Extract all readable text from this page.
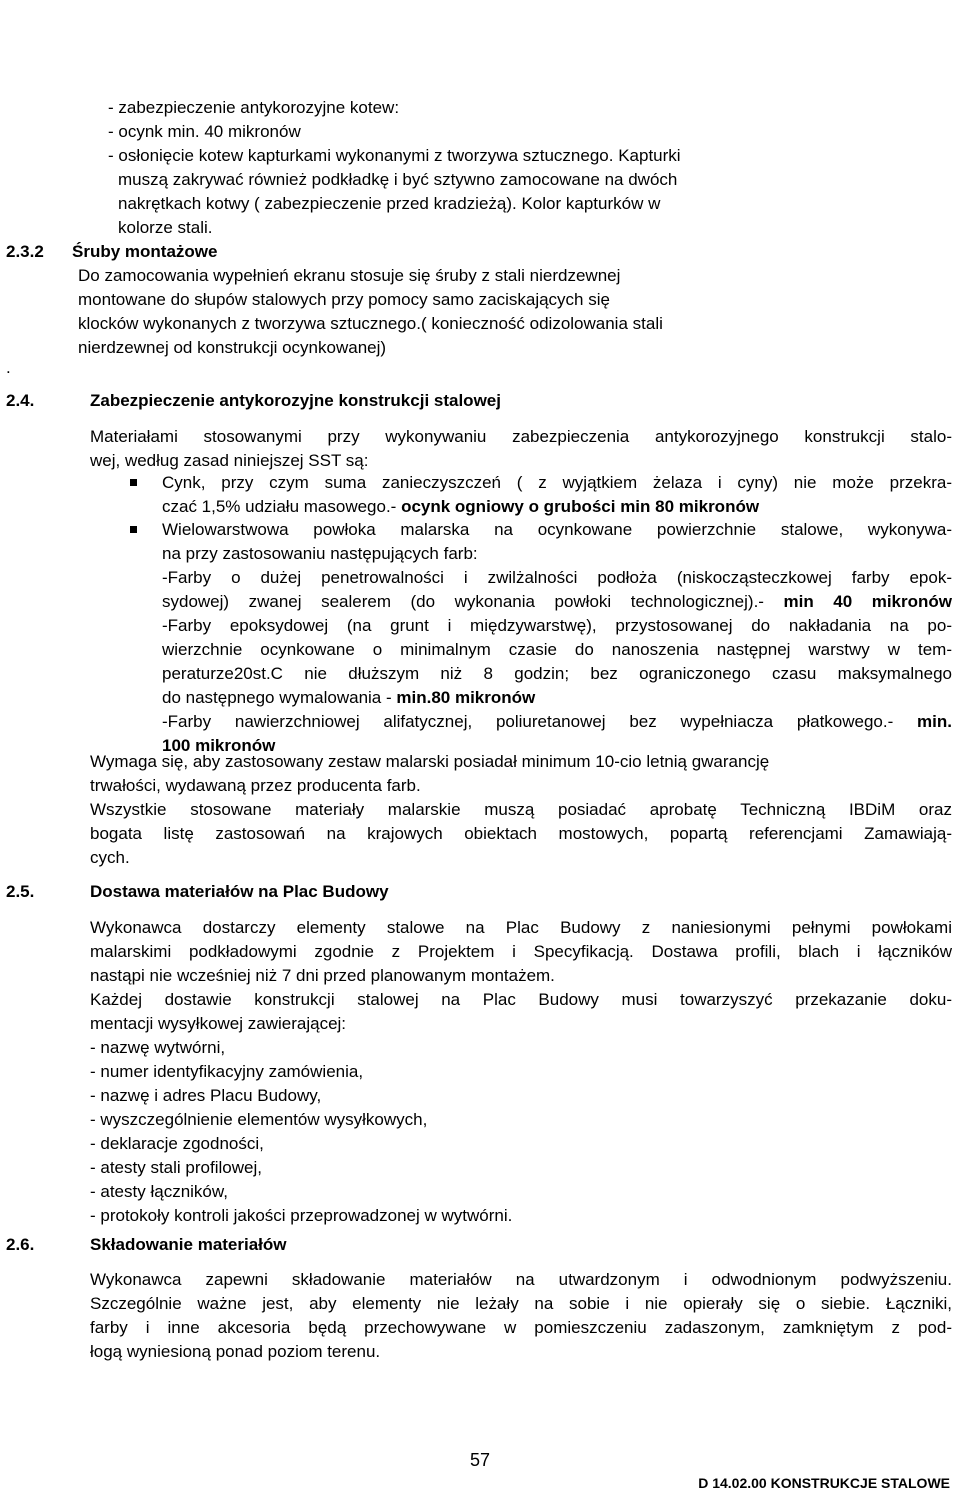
Budowa i rozbudowa drogi wojewódzkiej nr 645
Zadanie I: granica województwa podlaskiego – Gawrychy od km 25 + 320 do km 31 + 998
Specyfikacje Techniczne
- zabezpieczenie antykorozyjne kotew:
- ocynk min. 40 mikronów
- osłonięcie kotew kapturkami wykonanymi z tworzywa sztucznego. Kapturki
muszą zakrywać również podkładkę i być sztywno zamocowane na dwóch
nakrętkach kotwy ( zabezpieczenie przed kradzieżą). Kolor kapturków w
kolorze stali.
2.3.2 Śruby montażowe
Do zamocowania wypełnień ekranu stosuje się śruby z stali nierdzewnej
montowane do słupów stalowych przy pomocy samo zaciskających się
klocków wykonanych z tworzywa sztucznego.( konieczność odizolowania stali
nierdzewnej od konstrukcji ocynkowanej)
.
2.4.	Zabezpieczenie antykorozyjne konstrukcji stalowej
Materiałami stosowanymi przy wykonywaniu zabezpieczenia antykorozyjnego konstrukcji stalo-
wej, według zasad niniejszej SST są:
Cynk, przy czym suma zanieczyszczeń ( z wyjątkiem żelaza i cyny) nie może przekra-
czać 1,5% udziału masowego.- ocynk ogniowy o grubości min 80 mikronów
Wielowarstwowa powłoka malarska na ocynkowane powierzchnie stalowe, wykonywa-
na przy zastosowaniu następujących farb:
-Farby o dużej penetrowalności i zwilżalności podłoża (niskocząsteczkowej farby epok-
sydowej) zwanej sealerem (do wykonania powłoki technologicznej).- min 40 mikronów
-Farby epoksydowej (na grunt i międzywarstwę), przystosowanej do nakładania na po-
wierzchnie ocynkowane o minimalnym czasie do nanoszenia następnej warstwy w tem-
peraturze20st.C nie dłuższym niż 8 godzin; bez ograniczonego czasu maksymalnego
do następnego wymalowania - min.80 mikronów
-Farby nawierzchniowej alifatycznej, poliuretanowej bez wypełniacza płatkowego.- min.
100 mikronów
Wymaga się, aby zastosowany zestaw malarski posiadał minimum 10-cio letnią gwarancję
trwałości, wydawaną przez producenta farb.
Wszystkie stosowane materiały malarskie muszą posiadać aprobatę Techniczną IBDiM oraz
bogata listę zastosowań na krajowych obiektach mostowych, popartą referencjami Zamawiają-
cych.
2.5.	Dostawa materiałów na Plac Budowy
Wykonawca dostarczy elementy stalowe na Plac Budowy z naniesionymi pełnymi powłokami
malarskimi podkładowymi zgodnie z Projektem i Specyfikacją. Dostawa profili, blach i łączników
nastąpi nie wcześniej niż 7 dni przed planowanym montażem.
Każdej dostawie konstrukcji stalowej na Plac Budowy musi towarzyszyć przekazanie doku-
mentacji wysyłkowej zawierającej:
- nazwę wytwórni,
- numer identyfikacyjny zamówienia,
- nazwę i adres Placu Budowy,
- wyszczególnienie elementów wysyłkowych,
- deklaracje zgodności,
- atesty stali profilowej,
- atesty łączników,
- protokoły kontroli jakości przeprowadzonej w wytwórni.
2.6.	Składowanie materiałów
Wykonawca zapewni składowanie materiałów na utwardzonym i odwodnionym podwyższeniu.
Szczególnie ważne jest, aby elementy nie leżały na sobie i nie opierały się o siebie. Łączniki,
farby i inne akcesoria będą przechowywane w pomieszczeniu zadaszonym, zamkniętym z pod-
łogą wyniesioną ponad poziom terenu.
57
D 14.02.00 KONSTRUKCJE STALOWE
